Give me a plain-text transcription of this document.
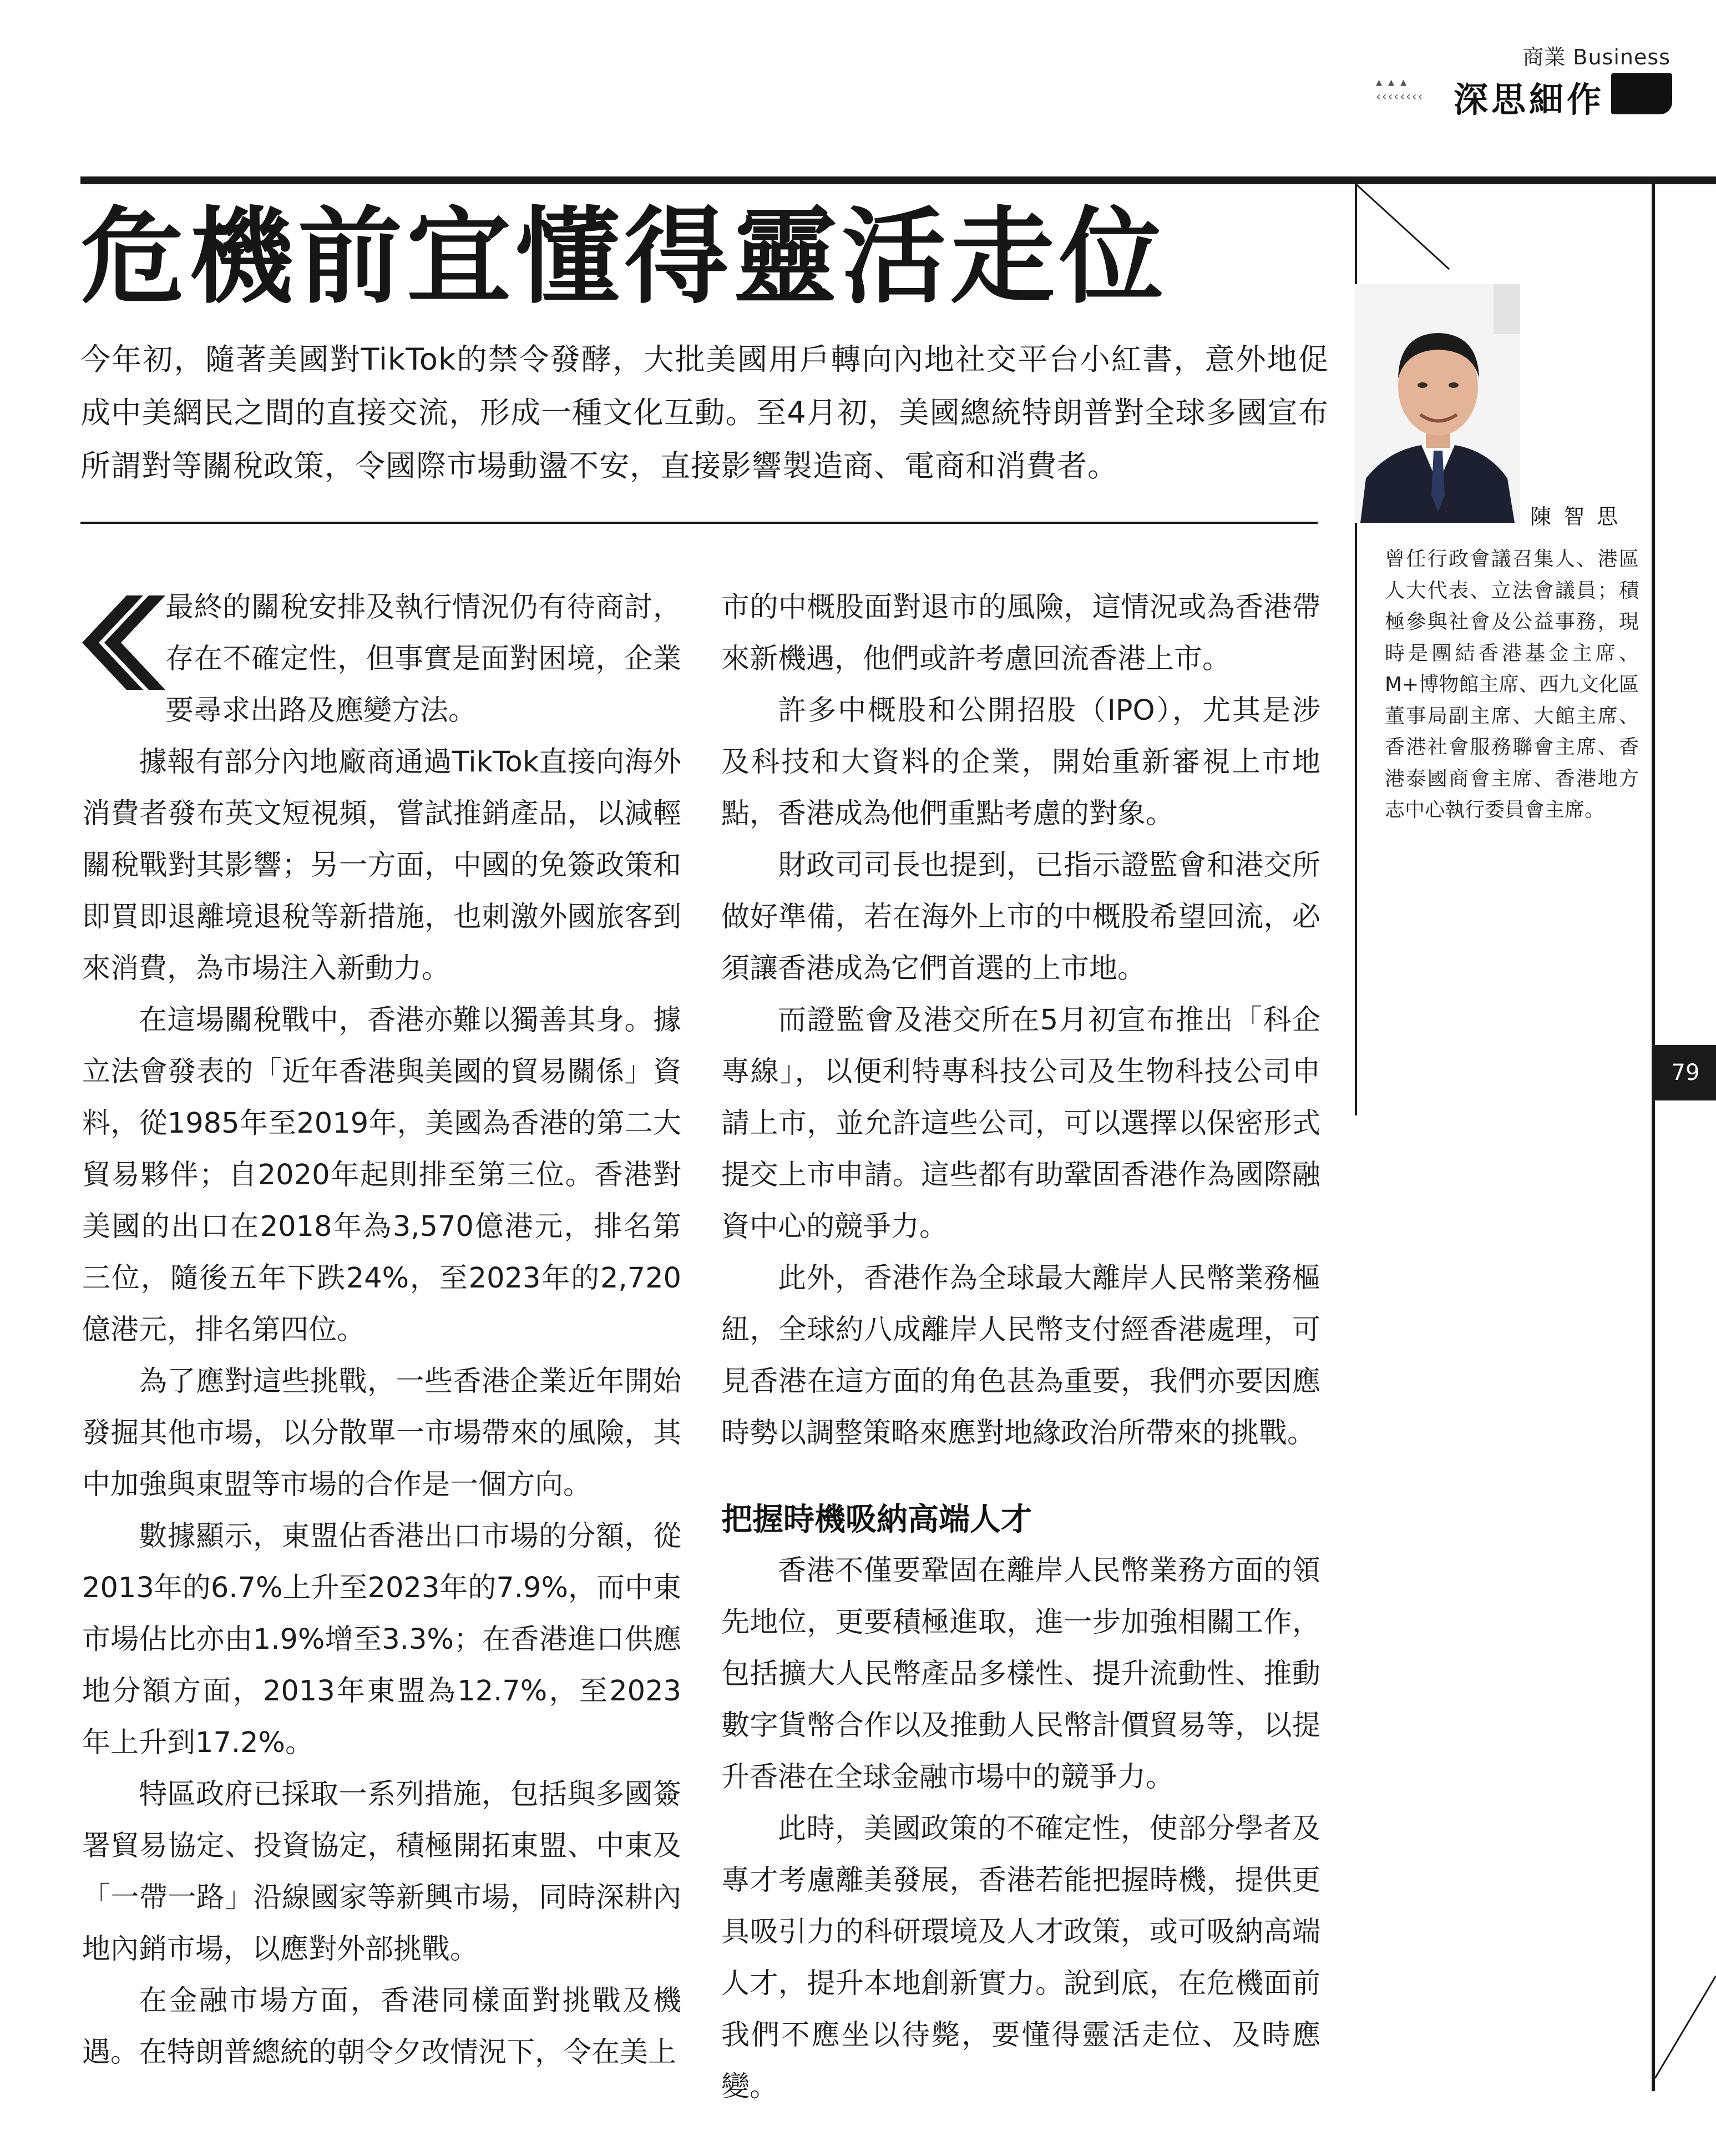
商業 Business
▴ ▴ ▴
‹‹‹‹‹‹‹‹ 深思細作
危機前宜懂得靈活走位
今年初，隨著美國對TikTok的禁令發酵，大批美國用戶轉向內地社交平台小紅書，意外地促成中美網民之間的直接交流，形成一種文化互動。至4月初，美國總統特朗普對全球多國宣布所謂對等關稅政策，令國際市場動盪不安，直接影響製造商、電商和消費者。
陳智思
曾任行政會議召集人、港區人大代表、立法會議員；積極參與社會及公益事務，現時是團結香港基金主席、M+博物館主席、西九文化區董事局副主席、大館主席、香港社會服務聯會主席、香港泰國商會主席、香港地方志中心執行委員會主席。

最終的關稅安排及執行情況仍有待商討，存在不確定性，但事實是面對困境，企業要尋求出路及應變方法。

據報有部分內地廠商通過TikTok直接向海外消費者發布英文短視頻，嘗試推銷產品，以減輕關稅戰對其影響；另一方面，中國的免簽政策和即買即退離境退稅等新措施，也刺激外國旅客到來消費，為市場注入新動力。

在這場關稅戰中，香港亦難以獨善其身。據立法會發表的「近年香港與美國的貿易關係」資料，從1985年至2019年，美國為香港的第二大貿易夥伴；自2020年起則排至第三位。香港對美國的出口在2018年為3,570億港元，排名第三位，隨後五年下跌24%，至2023年的2,720億港元，排名第四位。

為了應對這些挑戰，一些香港企業近年開始發掘其他市場，以分散單一市場帶來的風險，其中加強與東盟等市場的合作是一個方向。

數據顯示，東盟佔香港出口市場的分額，從2013年的6.7%上升至2023年的7.9%，而中東市場佔比亦由1.9%增至3.3%；在香港進口供應地分額方面，2013年東盟為12.7%，至2023年上升到17.2%。

特區政府已採取一系列措施，包括與多國簽署貿易協定、投資協定，積極開拓東盟、中東及「一帶一路」沿線國家等新興市場，同時深耕內地內銷市場，以應對外部挑戰。

在金融市場方面，香港同樣面對挑戰及機遇。在特朗普總統的朝令夕改情況下，令在美上

市的中概股面對退市的風險，這情況或為香港帶來新機遇，他們或許考慮回流香港上市。

許多中概股和公開招股（IPO），尤其是涉及科技和大資料的企業，開始重新審視上市地點，香港成為他們重點考慮的對象。

財政司司長也提到，已指示證監會和港交所做好準備，若在海外上市的中概股希望回流，必須讓香港成為它們首選的上市地。

而證監會及港交所在5月初宣布推出「科企專線」，以便利特專科技公司及生物科技公司申請上市，並允許這些公司，可以選擇以保密形式提交上市申請。這些都有助鞏固香港作為國際融資中心的競爭力。

此外，香港作為全球最大離岸人民幣業務樞紐，全球約八成離岸人民幣支付經香港處理，可見香港在這方面的角色甚為重要，我們亦要因應時勢以調整策略來應對地緣政治所帶來的挑戰。

把握時機吸納高端人才

香港不僅要鞏固在離岸人民幣業務方面的領先地位，更要積極進取，進一步加強相關工作，包括擴大人民幣產品多樣性、提升流動性、推動數字貨幣合作以及推動人民幣計價貿易等，以提升香港在全球金融市場中的競爭力。

此時，美國政策的不確定性，使部分學者及專才考慮離美發展，香港若能把握時機，提供更具吸引力的科研環境及人才政策，或可吸納高端人才，提升本地創新實力。說到底，在危機面前我們不應坐以待斃，要懂得靈活走位、及時應變。

79
